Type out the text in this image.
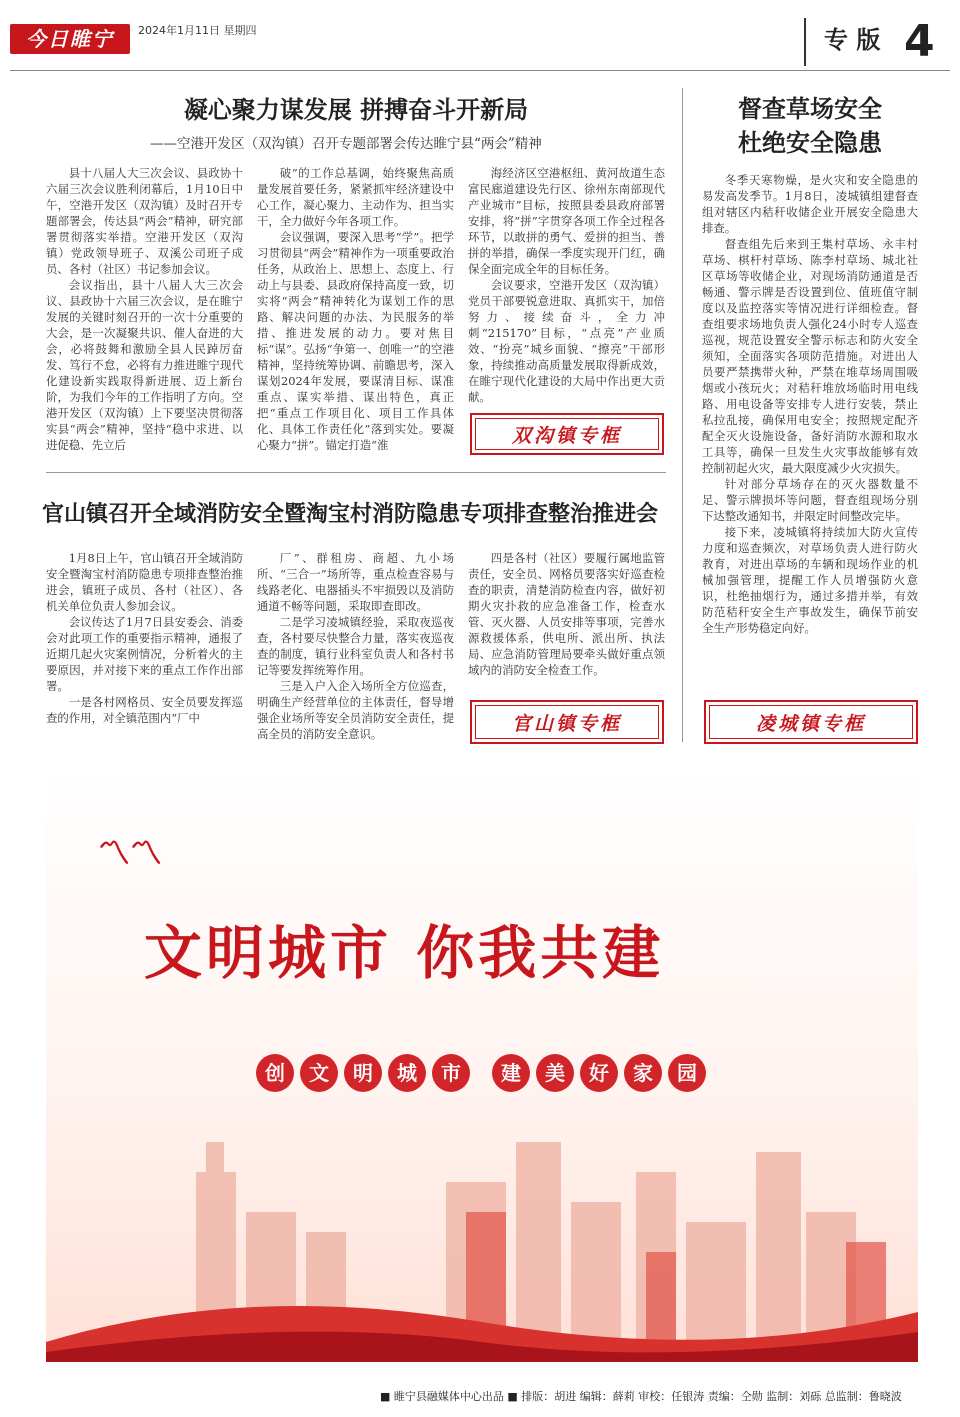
今日睢宁	2024年1月11日 星期四	专 版 4
凝心聚力谋发展 拼搏奋斗开新局
——空港开发区（双沟镇）召开专题部署会传达睢宁县“两会”精神

县十八届人大三次会议、县政协十六届三次会议胜利闭幕后，1月10日中午，空港开发区（双沟镇）及时召开专题部署会，传达县“两会”精神，研究部署贯彻落实举措。空港开发区（双沟镇）党政领导班子、双溪公司班子成员、各村（社区）书记参加会议。

会议指出，县十八届人大三次会议、县政协十六届三次会议，是在睢宁发展的关键时刻召开的一次十分重要的大会，是一次凝聚共识、催人奋进的大会，必将鼓舞和激励全县人民踔厉奋发、笃行不怠，必将有力推进睢宁现代化建设新实践取得新进展、迈上新台阶，为我们今年的工作指明了方向。空港开发区（双沟镇）上下要坚决贯彻落实县“两会”精神，坚持“稳中求进、以进促稳、先立后

破”的工作总基调，始终聚焦高质量发展首要任务，紧紧抓牢经济建设中心工作，凝心聚力、主动作为、担当实干，全力做好今年各项工作。

会议强调，要深入思考“学”。把学习贯彻县“两会”精神作为一项重要政治任务，从政治上、思想上、态度上、行动上与县委、县政府保持高度一致，切实将“两会”精神转化为谋划工作的思路、解决问题的办法、为民服务的举措、推进发展的动力。要对焦目标“谋”。弘扬“争第一、创唯一”的空港精神，坚持统筹协调、前瞻思考，深入谋划2024年发展，要谋清目标、谋准重点、谋实举措、谋出特色，真正把“重点工作项目化、项目工作具体化、具体工作责任化”落到实处。要凝心聚力“拼”。锚定打造“淮

海经济区空港枢纽、黄河故道生态富民廊道建设先行区、徐州东南部现代产业城市”目标，按照县委县政府部署安排，将“拼”字贯穿各项工作全过程各环节，以敢拼的勇气、爱拼的担当、善拼的举措，确保一季度实现开门红，确保全面完成全年的目标任务。

会议要求，空港开发区（双沟镇）党员干部要锐意进取、真抓实干，加倍努力、接续奋斗，全力冲刺“215170”目标，“点亮”产业质效、“扮亮”城乡面貌、“擦亮”干部形象，持续推动高质量发展取得新成效，在睢宁现代化建设的大局中作出更大贡献。

双沟镇专框
督查草场安全
杜绝安全隐患

冬季天寒物燥，是火灾和安全隐患的易发高发季节。1月8日，凌城镇组建督查组对辖区内秸秆收储企业开展安全隐患大排查。

督查组先后来到王集村草场、永丰村草场、棋杆村草场、陈李村草场、城北社区草场等收储企业，对现场消防通道是否畅通、警示牌是否设置到位、值班值守制度以及监控落实等情况进行详细检查。督查组要求场地负责人强化24小时专人巡查巡视，规范设置安全警示标志和防火安全须知，全面落实各项防范措施。对进出人员要严禁携带火种，严禁在堆草场周围吸烟或小孩玩火；对秸秆堆放场临时用电线路、用电设备等安排专人进行安装，禁止私拉乱接，确保用电安全；按照规定配齐配全灭火设施设备，备好消防水源和取水工具等，确保一旦发生火灾事故能够有效控制初起火灾，最大限度减少火灾损失。

针对部分草场存在的灭火器数量不足、警示牌损坏等问题，督查组现场分别下达整改通知书，并限定时间整改完毕。

接下来，凌城镇将持续加大防火宣传力度和巡查频次，对草场负责人进行防火教育，对进出草场的车辆和现场作业的机械加强管理，提醒工作人员增强防火意识，杜绝抽烟行为，通过多措并举，有效防范秸秆安全生产事故发生，确保节前安全生产形势稳定向好。

凌城镇专框
官山镇召开全域消防安全暨淘宝村消防隐患专项排查整治推进会

1月8日上午，官山镇召开全域消防安全暨淘宝村消防隐患专项排查整治推进会，镇班子成员、各村（社区）、各机关单位负责人参加会议。

会议传达了1月7日县安委会、消委会对此项工作的重要指示精神，通报了近期几起火灾案例情况，分析着火的主要原因，并对接下来的重点工作作出部署。

一是各村网格员、安全员要发挥巡查的作用，对全镇范围内“厂中

厂”、群租房、商超、九小场所、“三合一”场所等，重点检查容易与线路老化、电器插头不牢损毁以及消防通道不畅等问题，采取即查即改。

二是学习凌城镇经验，采取夜巡夜查，各村要尽快整合力量，落实夜巡夜查的制度，镇行业科室负责人和各村书记等要发挥统筹作用。

三是入户入企入场所全方位巡查，明确生产经营单位的主体责任，督导增强企业场所等安全员消防安全责任，提高全员的消防安全意识。

四是各村（社区）要履行属地监管责任，安全员、网格员要落实好巡查检查的职责，清楚消防检查内容，做好初期火灾扑救的应急准备工作，检查水管、灭火器、人员安排等事项，完善水源救援体系，供电所、派出所、执法局、应急消防管理局要牵头做好重点领域内的消防安全检查工作。

官山镇专框
〽︎〽︎
文明城市 你我共建
创	文	明	城	市	建	美	好	家	园
■ 睢宁县融媒体中心出品 ■ 排版：胡进 编辑：薛莉 审校：任银涛 责编：仝勋 监制：刘砾 总监制：鲁晓波
